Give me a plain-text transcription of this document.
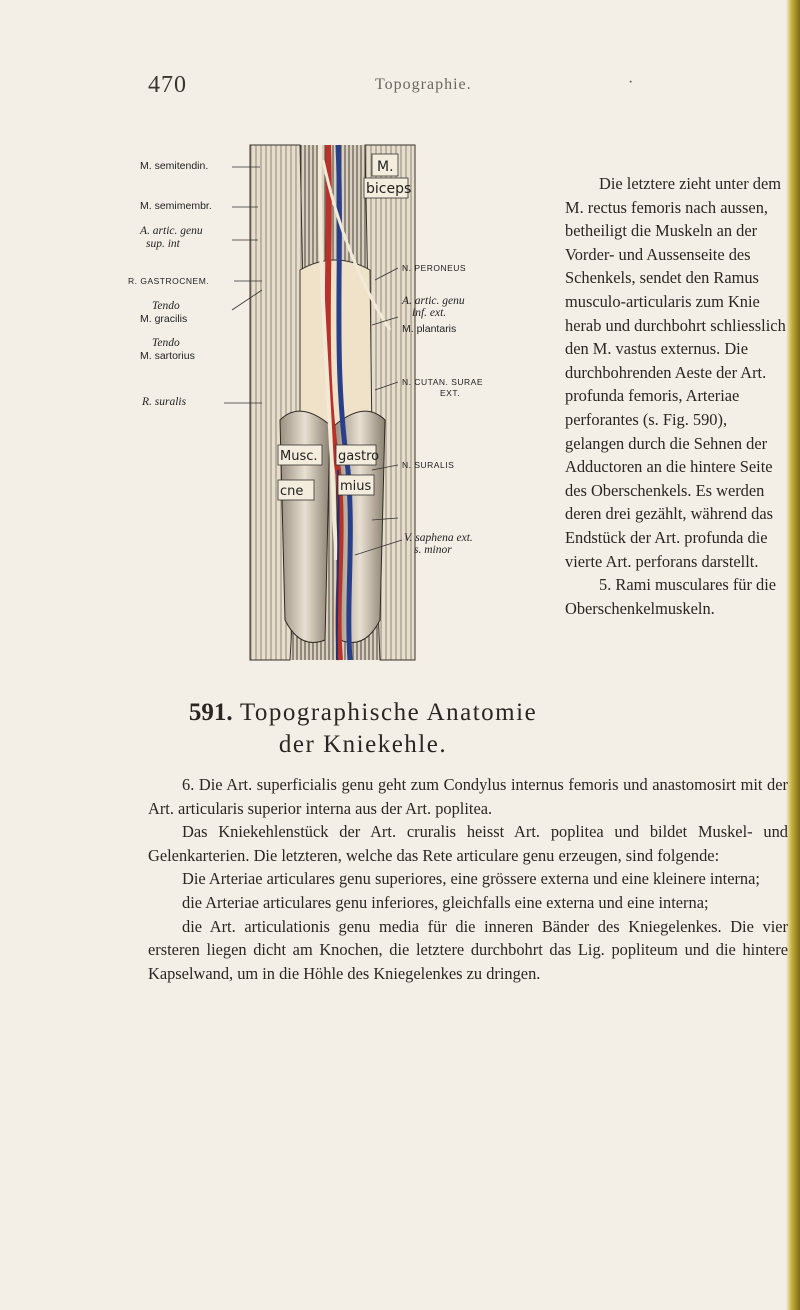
470	Topographie.	·
M.
biceps
gastro
Musc.
cne	mius
M. semitendin.
M. semimembr.
A. artic. genu
sup. int
R. GASTROCNEM.
Tendo
M. gracilis
Tendo
M. sartorius
R. suralis
N. PERONEUS
A. artic. genu
inf. ext.
M. plantaris
N. CUTAN. SURAE
EXT.
N. SURALIS
V. saphena ext.
s. minor
591. Topographische Anatomie
der Kniekehle.

Die letztere zieht unter dem M. rectus femoris nach aussen, betheiligt die Muskeln an der Vorder- und Aussenseite des Schenkels, sendet den Ramus musculo-articularis zum Knie herab und durchbohrt schliesslich den M. vastus externus. Die durchbohrenden Aeste der Art. profunda femoris, Arteriae perforantes (s. Fig. 590), gelangen durch die Sehnen der Adductoren an die hintere Seite des Oberschenkels. Es werden deren drei gezählt, während das Endstück der Art. profunda die vierte Art. perforans darstellt.

5. Rami musculares für die Oberschenkelmuskeln.

6. Die Art. superficialis genu geht zum Condylus internus femoris und anastomosirt mit der Art. articularis superior interna aus der Art. poplitea.

Das Kniekehlenstück der Art. cruralis heisst Art. poplitea und bildet Muskel- und Gelenkarterien. Die letzteren, welche das Rete articulare genu erzeugen, sind folgende:

Die Arteriae articulares genu superiores, eine grössere externa und eine kleinere interna;

die Arteriae articulares genu inferiores, gleichfalls eine externa und eine interna;

die Art. articulationis genu media für die inneren Bänder des Kniegelenkes. Die vier ersteren liegen dicht am Knochen, die letztere durchbohrt das Lig. popliteum und die hintere Kapselwand, um in die Höhle des Kniegelenkes zu dringen.
